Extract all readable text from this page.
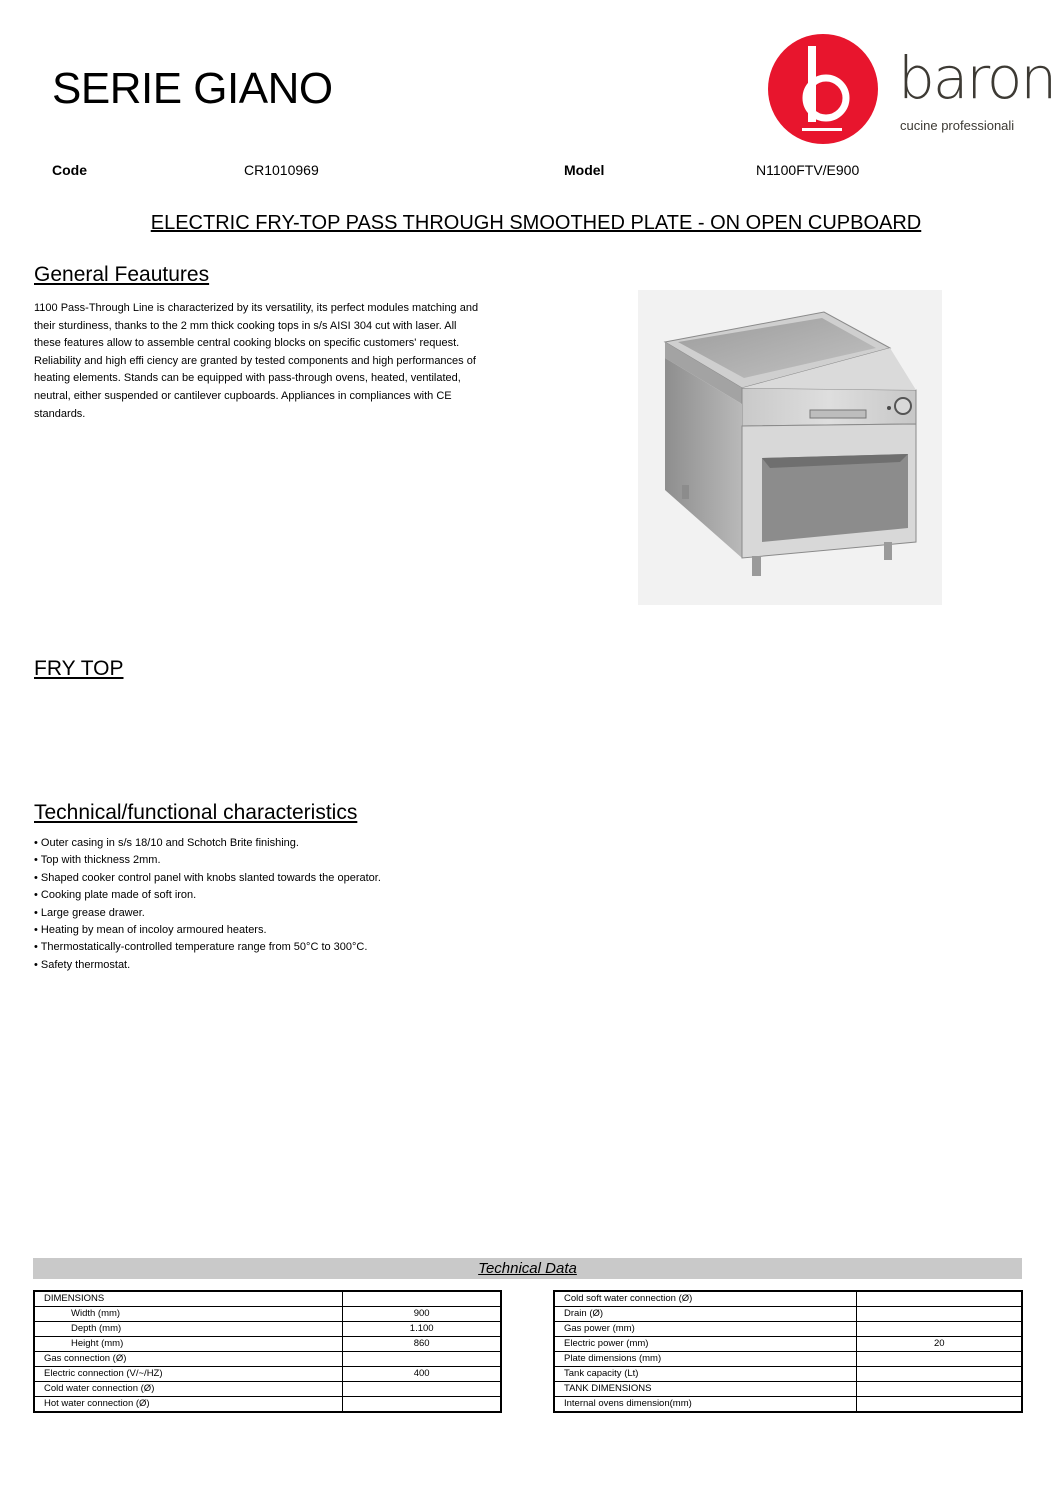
SERIE GIANO	baron
cucine professionali
Code	CR1010969	Model	N1100FTV/E900
ELECTRIC FRY-TOP PASS THROUGH SMOOTHED PLATE - ON OPEN CUPBOARD
General Feautures
1100 Pass-Through Line is characterized by its versatility, its perfect modules matching and
their sturdiness, thanks to the 2 mm thick cooking tops in s/s AISI 304 cut with laser. All
these features allow to assemble central cooking blocks on specific customers' request.
Reliability and high effi ciency are granted by tested components and high performances of
heating elements. Stands can be equipped with pass-through ovens, heated, ventilated,
neutral, either suspended or cantilever cupboards. Appliances in compliances with CE
standards.
FRY TOP
Technical/functional characteristics
• Outer casing in s/s 18/10 and Schotch Brite finishing.
• Top with thickness 2mm.
• Shaped cooker control panel with knobs slanted towards the operator.
• Cooking plate made of soft iron.
• Large grease drawer.
• Heating by mean of incoloy armoured heaters.
• Thermostatically-controlled temperature range from 50°C to 300°C.
• Safety thermostat.
Technical Data
DIMENSIONS	
Width (mm)	900
Depth (mm)	1.100
Height (mm)	860
Gas connection (Ø)	
Electric connection (V/~/HZ)	400
Cold water connection (Ø)	
Hot water connection (Ø)	
Cold soft water connection (Ø)	
Drain (Ø)	
Gas power (mm)	
Electric power (mm)	20
Plate dimensions (mm)	
Tank capacity (Lt)	
TANK DIMENSIONS	
Internal ovens dimension(mm)	
